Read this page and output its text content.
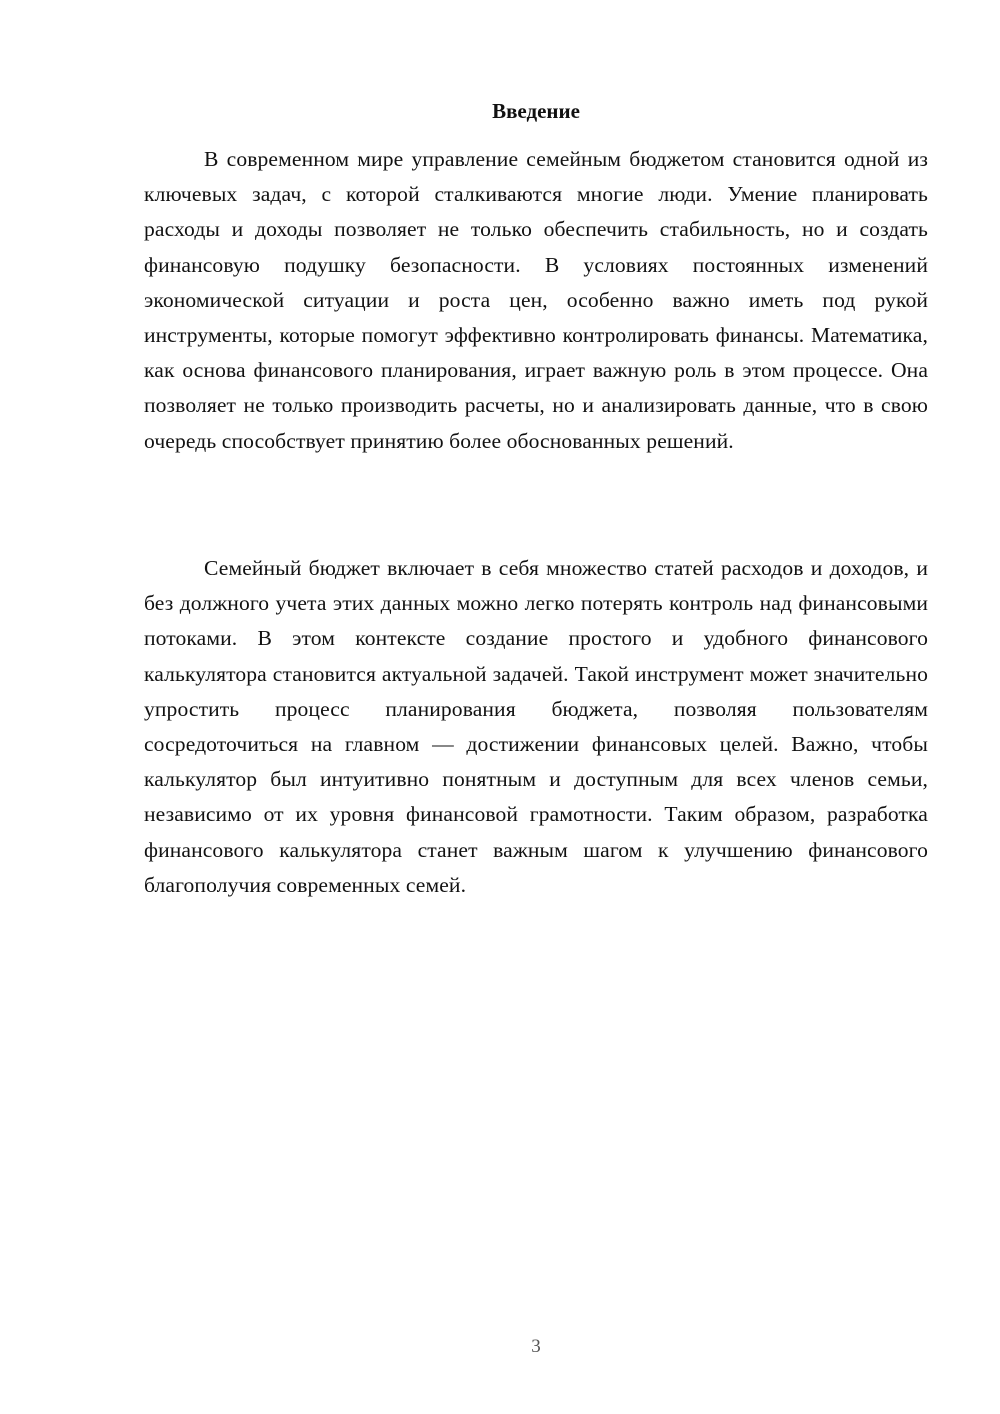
Введение

В современном мире управление семейным бюджетом становится одной из ключевых задач, с которой сталкиваются многие люди. Умение планировать расходы и доходы позволяет не только обеспечить стабильность, но и создать финансовую подушку безопасности. В условиях постоянных изменений экономической ситуации и роста цен, особенно важно иметь под рукой инструменты, которые помогут эффективно контролировать финансы. Математика, как основа финансового планирования, играет важную роль в этом процессе. Она позволяет не только производить расчеты, но и анализировать данные, что в свою очередь способствует принятию более обоснованных решений.

Семейный бюджет включает в себя множество статей расходов и доходов, и без должного учета этих данных можно легко потерять контроль над финансовыми потоками. В этом контексте создание простого и удобного финансового калькулятора становится актуальной задачей. Такой инструмент может значительно упростить процесс планирования бюджета, позволяя пользователям сосредоточиться на главном — достижении финансовых целей. Важно, чтобы калькулятор был интуитивно понятным и доступным для всех членов семьи, независимо от их уровня финансовой грамотности. Таким образом, разработка финансового калькулятора станет важным шагом к улучшению финансового благополучия современных семей.

3
